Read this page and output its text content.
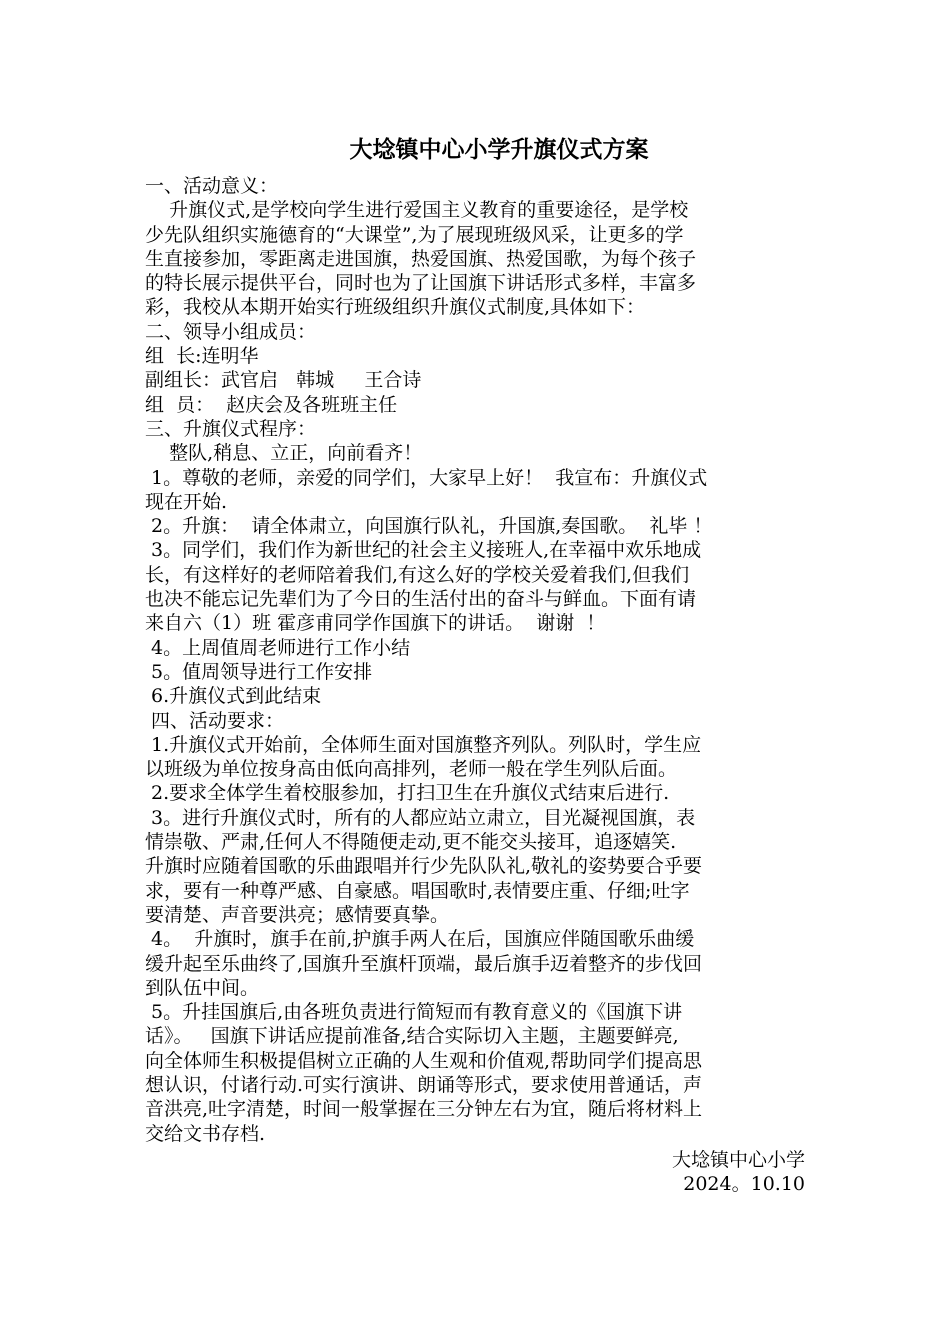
大埝镇中心小学升旗仪式方案
一、活动意义：
升旗仪式,是学校向学生进行爱国主义教育的重要途径，是学校
少先队组织实施德育的“大课堂”,为了展现班级风采，让更多的学
生直接参加，零距离走进国旗，热爱国旗、热爱国歌，为每个孩子
的特长展示提供平台，同时也为了让国旗下讲话形式多样，丰富多
彩，我校从本期开始实行班级组织升旗仪式制度,具体如下：
二、领导小组成员：
组  长:连明华
副组长：武官启   韩城     王合诗
组  员：  赵庆会及各班班主任
三、升旗仪式程序：
整队,稍息、立正，向前看齐！
1。尊敬的老师，亲爱的同学们，大家早上好！  我宣布：升旗仪式
现在开始.
2。升旗：  请全体肃立，向国旗行队礼，升国旗,奏国歌。  礼毕 ！
3。同学们，我们作为新世纪的社会主义接班人,在幸福中欢乐地成
长，有这样好的老师陪着我们,有这么好的学校关爱着我们,但我们
也决不能忘记先辈们为了今日的生活付出的奋斗与鲜血。下面有请
来自六（1）班 霍彦甫同学作国旗下的讲话。  谢谢  ！
4。上周值周老师进行工作小结
5。值周领导进行工作安排
6.升旗仪式到此结束
四、活动要求：
1.升旗仪式开始前，全体师生面对国旗整齐列队。列队时，学生应
以班级为单位按身高由低向高排列，老师一般在学生列队后面。
2.要求全体学生着校服参加，打扫卫生在升旗仪式结束后进行.
3。进行升旗仪式时，所有的人都应站立肃立，目光凝视国旗，表
情崇敬、严肃,任何人不得随便走动,更不能交头接耳，追逐嬉笑.
升旗时应随着国歌的乐曲跟唱并行少先队队礼,敬礼的姿势要合乎要
求，要有一种尊严感、自豪感。唱国歌时,表情要庄重、仔细;吐字
要清楚、声音要洪亮；感情要真挚。
4。  升旗时，旗手在前,护旗手两人在后，国旗应伴随国歌乐曲缓
缓升起至乐曲终了,国旗升至旗杆顶端，最后旗手迈着整齐的步伐回
到队伍中间。
5。升挂国旗后,由各班负责进行简短而有教育意义的《国旗下讲
话》。   国旗下讲话应提前准备,结合实际切入主题，主题要鲜亮,
向全体师生积极提倡树立正确的人生观和价值观,帮助同学们提高思
想认识，付诸行动.可实行演讲、朗诵等形式，要求使用普通话，声
音洪亮,吐字清楚，时间一般掌握在三分钟左右为宜，随后将材料上
交给文书存档.
大埝镇中心小学
2024。10.10
